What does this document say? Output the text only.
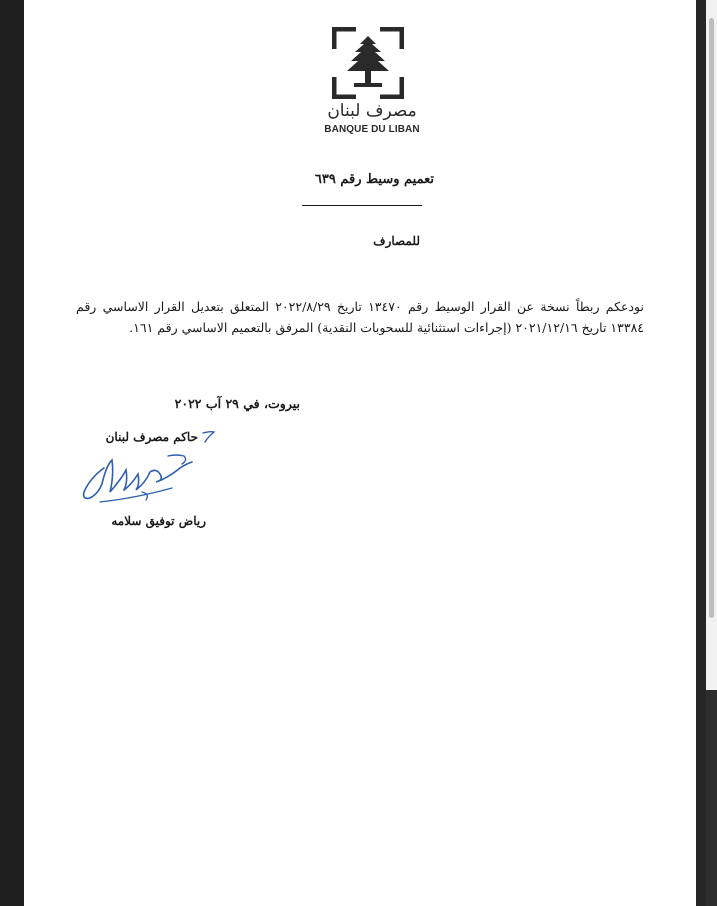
مصرف لبنان
BANQUE DU LIBAN
تعميم وسيط رقم ٦٣٩
للمصارف
نودعكم ربطاً نسخة عن القرار الوسيط رقم ١٣٤٧٠ تاريخ ٢٠٢٢/٨/٢٩ المتعلق بتعديل القرار الاساسي رقم ١٣٣٨٤ تاريخ ٢٠٢١/١٢/١٦ (إجراءات استثنائية للسحوبات النقدية) المرفق بالتعميم الاساسي رقم ١٦١.
بيروت، في ٢٩ آب ٢٠٢٢
حاكم مصرف لبنان
رياض توفيق سلامه
